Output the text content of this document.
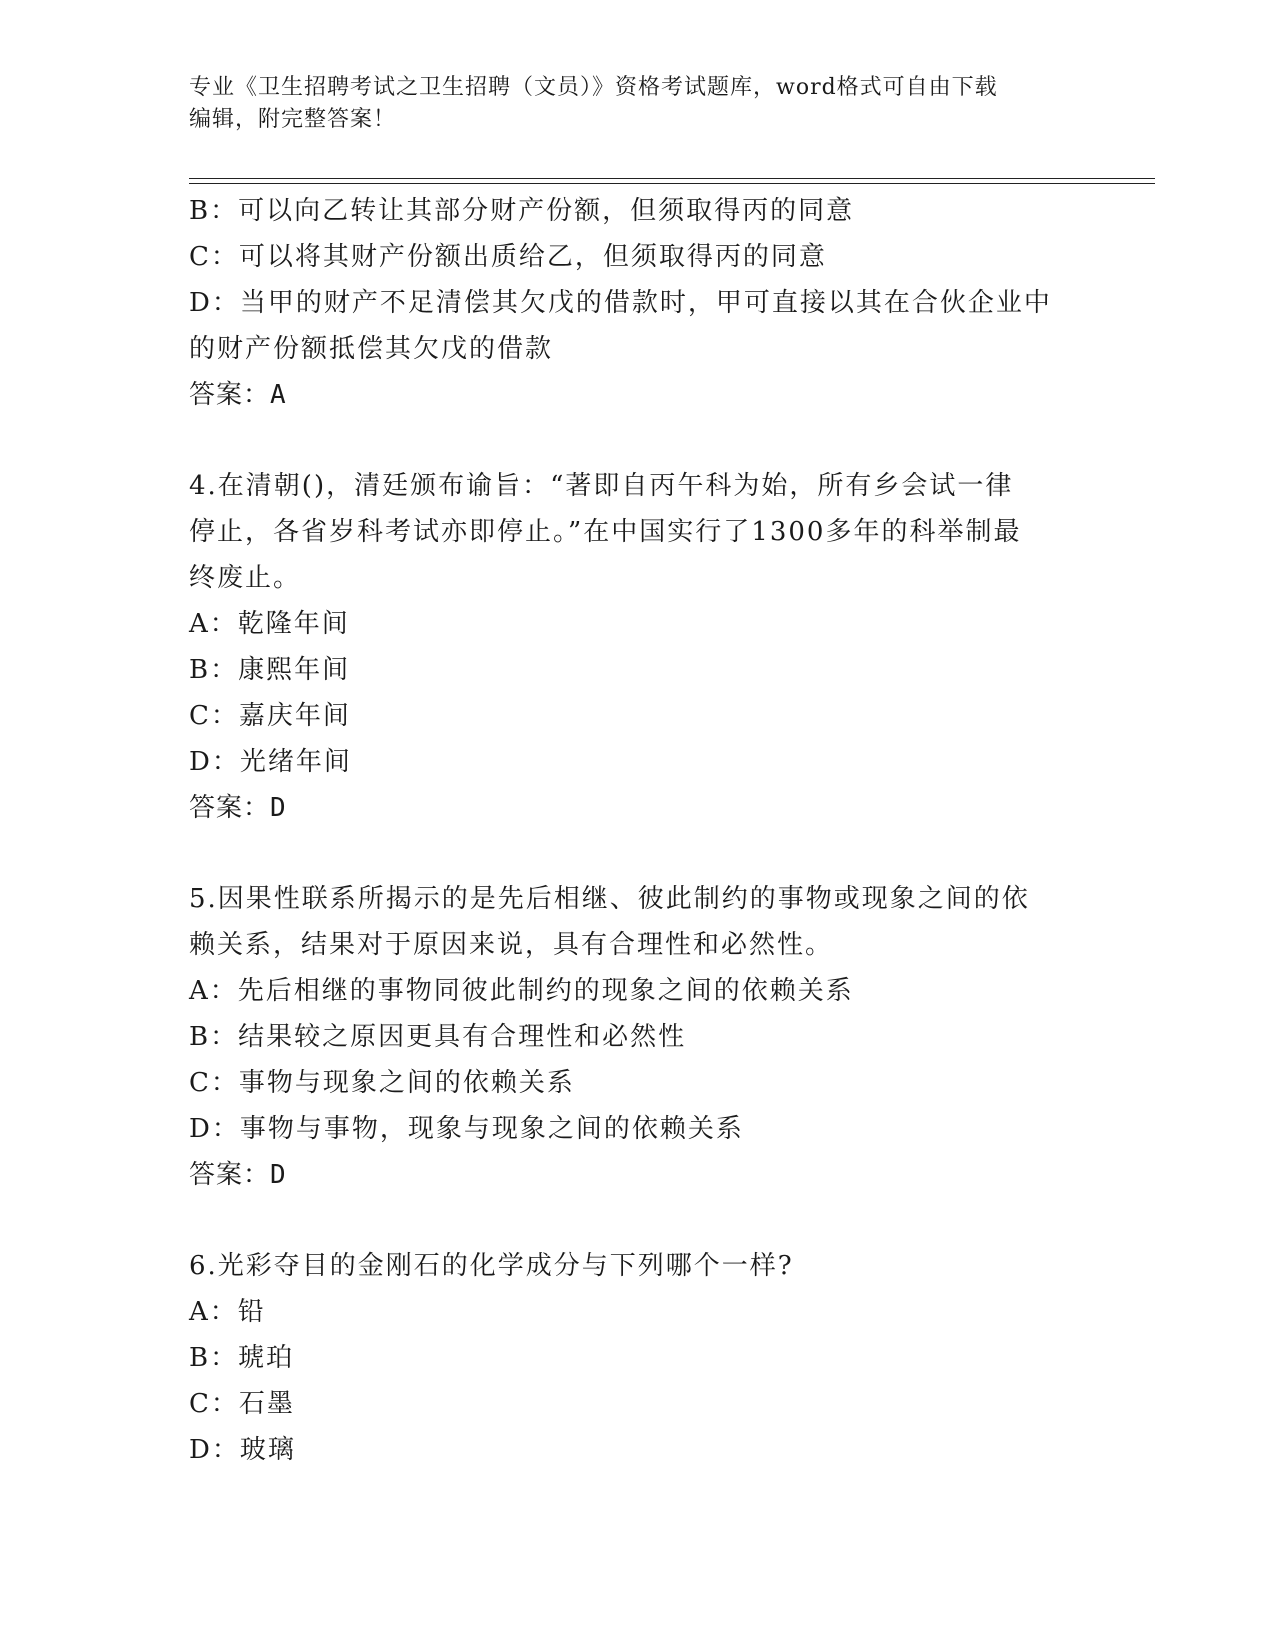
专业《卫生招聘考试之卫生招聘（文员）》资格考试题库，word格式可自由下载
编辑，附完整答案！
B：可以向乙转让其部分财产份额，但须取得丙的同意
C：可以将其财产份额出质给乙，但须取得丙的同意
D：当甲的财产不足清偿其欠戊的借款时，甲可直接以其在合伙企业中
的财产份额抵偿其欠戊的借款
答案：A
4.在清朝()，清廷颁布谕旨：“著即自丙午科为始，所有乡会试一律
停止，各省岁科考试亦即停止。”在中国实行了1300多年的科举制最
终废止。
A：乾隆年间
B：康熙年间
C：嘉庆年间
D：光绪年间
答案：D
5.因果性联系所揭示的是先后相继、彼此制约的事物或现象之间的依
赖关系，结果对于原因来说，具有合理性和必然性。
A：先后相继的事物同彼此制约的现象之间的依赖关系
B：结果较之原因更具有合理性和必然性
C：事物与现象之间的依赖关系
D：事物与事物，现象与现象之间的依赖关系
答案：D
6.光彩夺目的金刚石的化学成分与下列哪个一样?
A：铅
B：琥珀
C：石墨
D：玻璃
